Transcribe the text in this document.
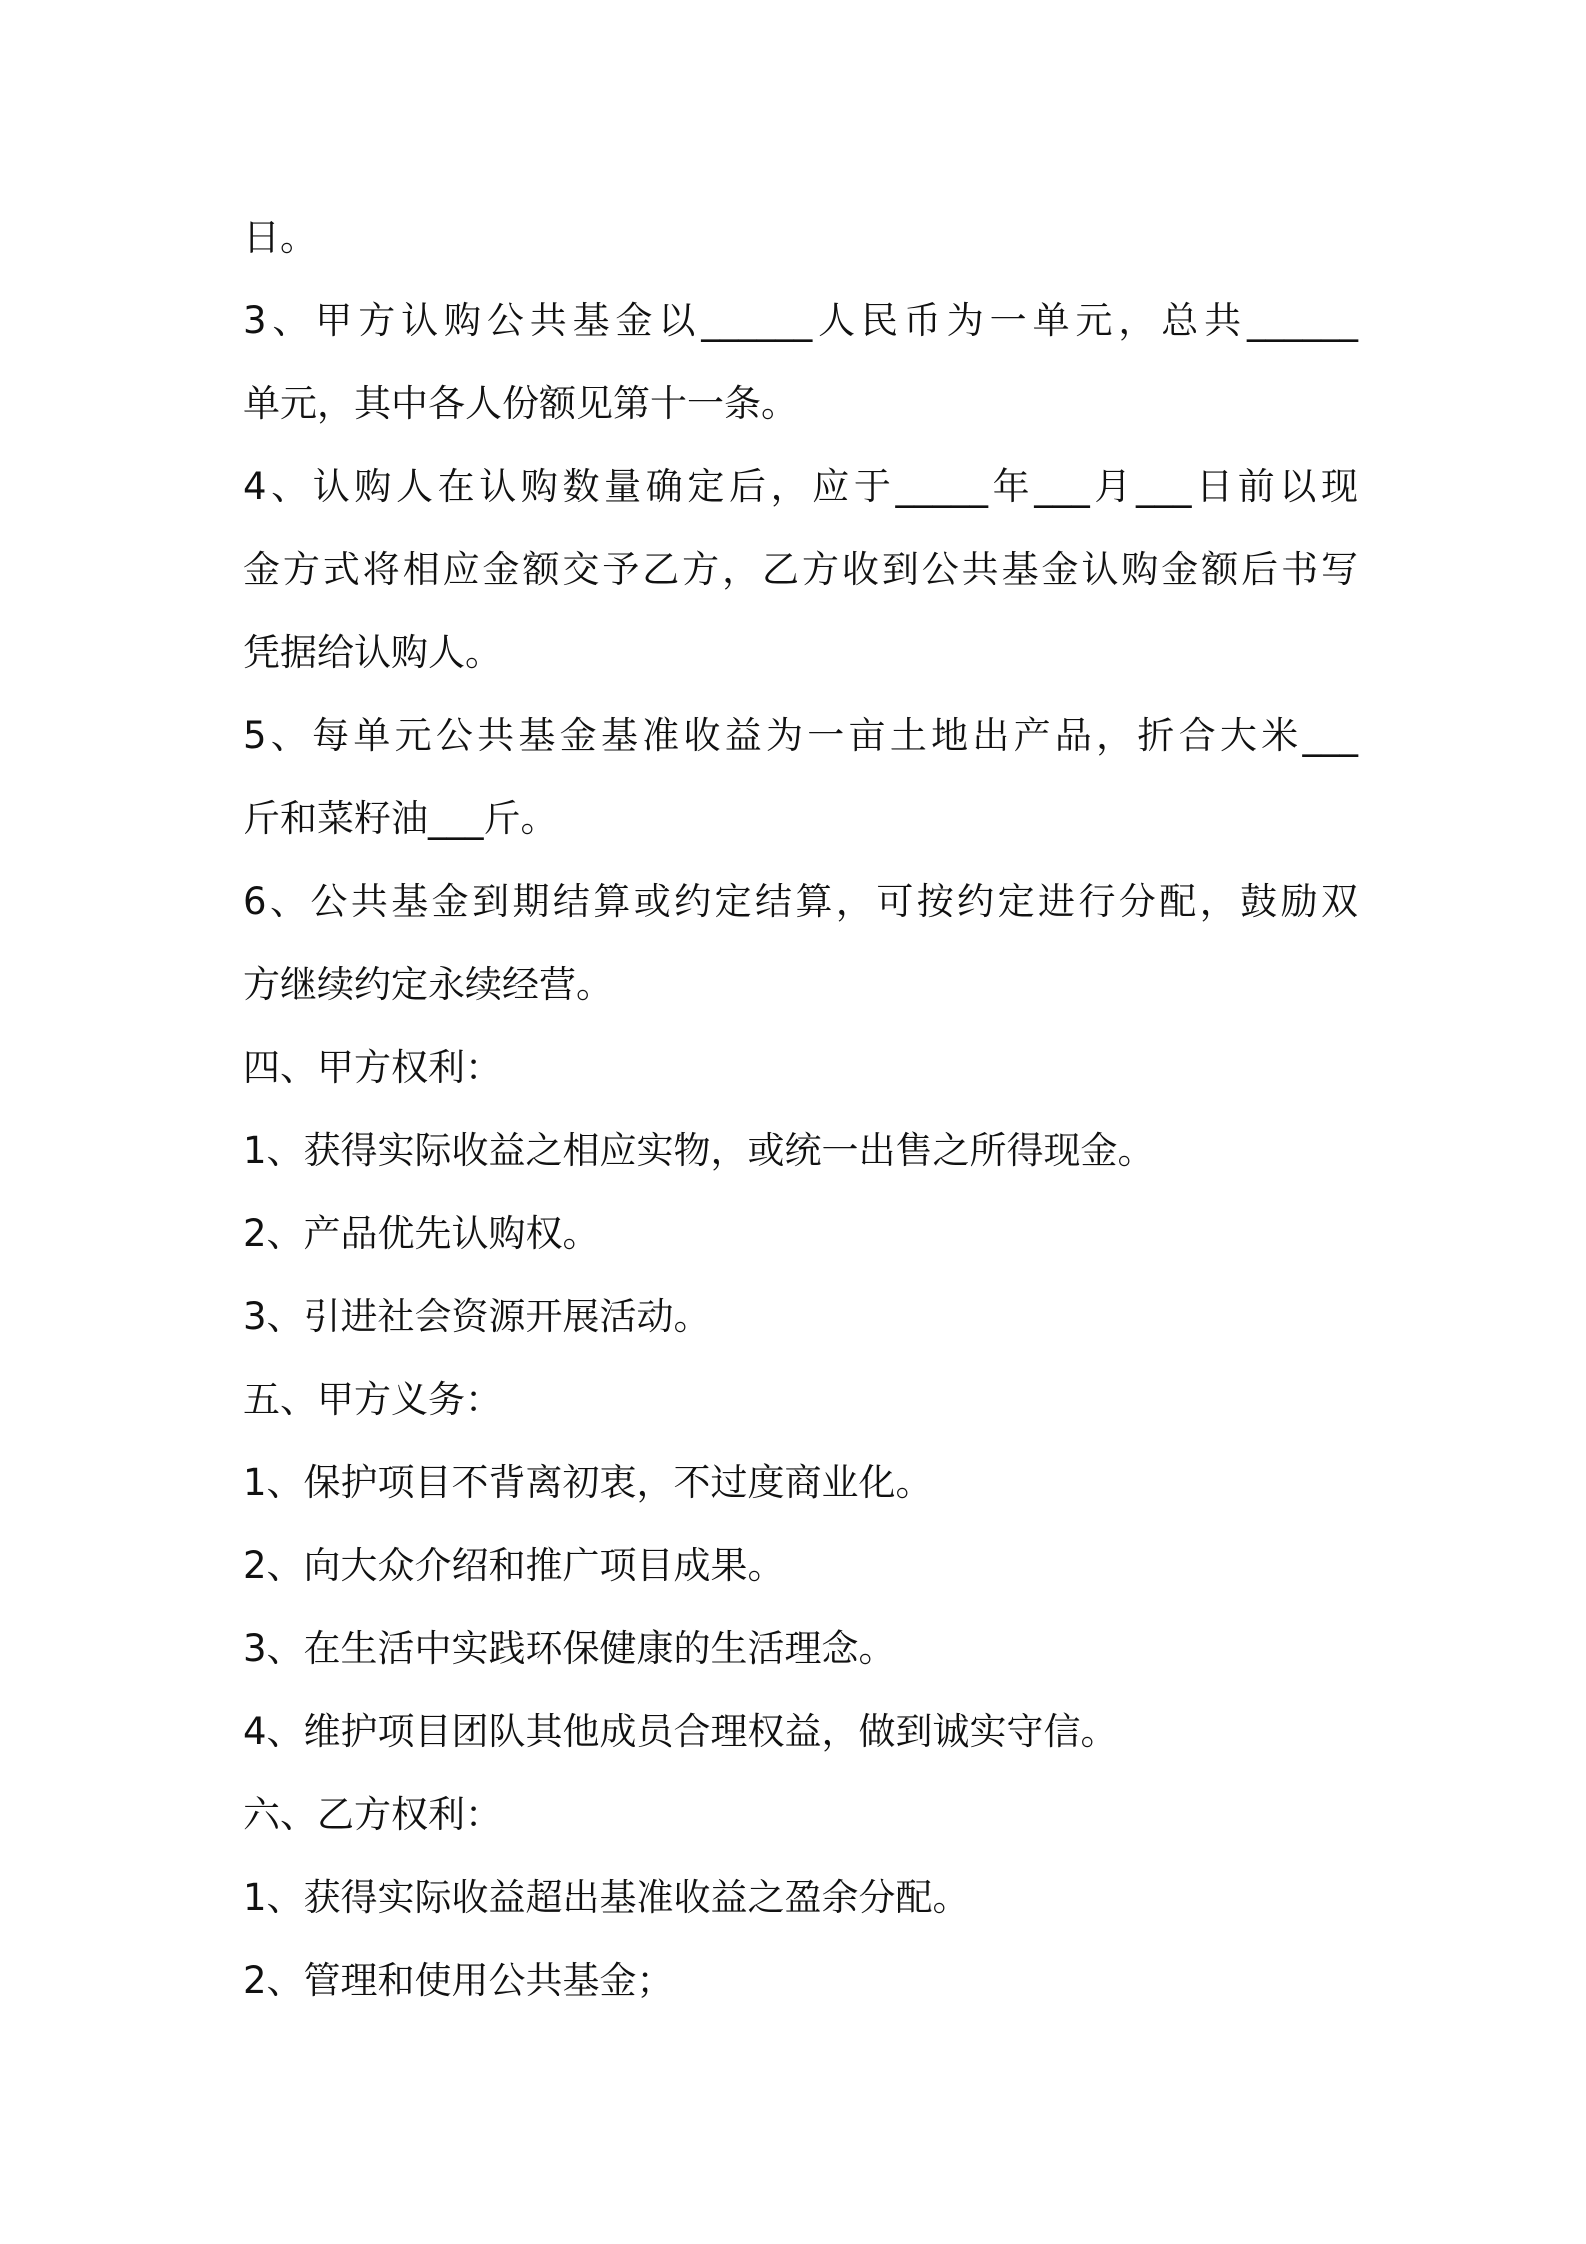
日。
3、甲方认购公共基金以______人民币为一单元，总共______
单元，其中各人份额见第十一条。
4、认购人在认购数量确定后，应于_____年___月___日前以现
金方式将相应金额交予乙方，乙方收到公共基金认购金额后书写
凭据给认购人。
5、每单元公共基金基准收益为一亩土地出产品，折合大米___
斤和菜籽油___斤。
6、公共基金到期结算或约定结算，可按约定进行分配，鼓励双
方继续约定永续经营。
四、甲方权利：
1、获得实际收益之相应实物，或统一出售之所得现金。
2、产品优先认购权。
3、引进社会资源开展活动。
五、甲方义务：
1、保护项目不背离初衷，不过度商业化。
2、向大众介绍和推广项目成果。
3、在生活中实践环保健康的生活理念。
4、维护项目团队其他成员合理权益，做到诚实守信。
六、乙方权利：
1、获得实际收益超出基准收益之盈余分配。
2、管理和使用公共基金；
